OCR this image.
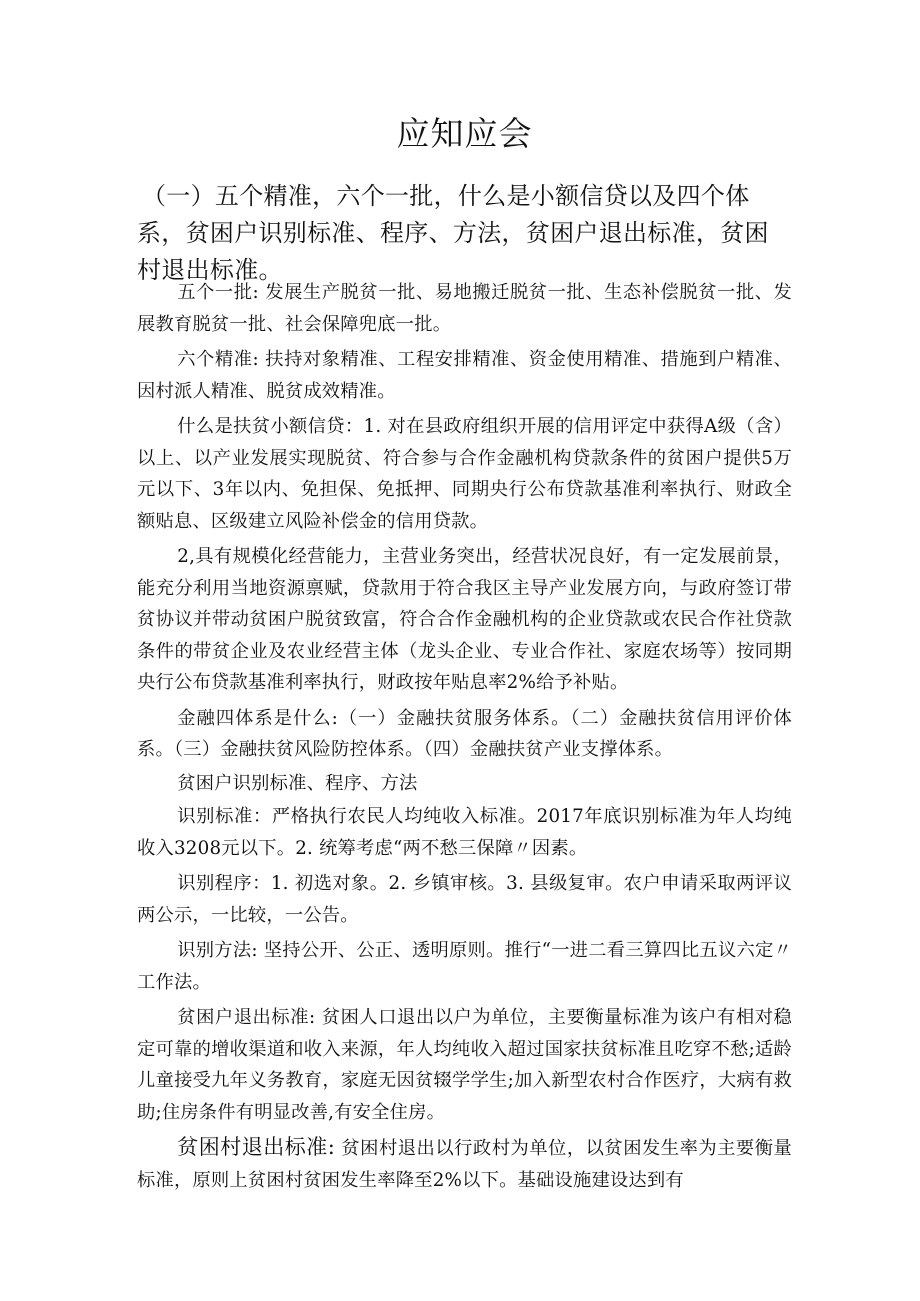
应知应会

（一）五个精准，六个一批，什么是小额信贷以及四个体系，贫困户识别标准、程序、方法，贫困户退出标准，贫困村退出标准。

五个一批: 发展生产脱贫一批、易地搬迁脱贫一批、生态补偿脱贫一批、发展教育脱贫一批、社会保障兜底一批。

六个精准: 扶持对象精准、工程安排精准、资金使用精准、措施到户精准、因村派人精准、脱贫成效精准。

什么是扶贫小额信贷：1. 对在县政府组织开展的信用评定中获得A级（含）以上、以产业发展实现脱贫、符合参与合作金融机构贷款条件的贫困户提供5万元以下、3年以内、免担保、免抵押、同期央行公布贷款基准利率执行、财政全额贴息、区级建立风险补偿金的信用贷款。

2,具有规模化经营能力，主营业务突出，经营状况良好，有一定发展前景，能充分利用当地资源禀赋，贷款用于符合我区主导产业发展方向，与政府签订带贫协议并带动贫困户脱贫致富，符合合作金融机构的企业贷款或农民合作社贷款条件的带贫企业及农业经营主体（龙头企业、专业合作社、家庭农场等）按同期央行公布贷款基准利率执行，财政按年贴息率2%给予补贴。

金融四体系是什么:（一）金融扶贫服务体系。（二）金融扶贫信用评价体系。（三）金融扶贫风险防控体系。（四）金融扶贫产业支撑体系。

贫困户识别标准、程序、方法

识别标准：严格执行农民人均纯收入标准。2017年底识别标准为年人均纯收入3208元以下。2. 统筹考虑“两不愁三保障〃因素。

识别程序：1. 初选对象。2. 乡镇审核。3. 县级复审。农户申请采取两评议两公示，一比较，一公告。

识别方法: 坚持公开、公正、透明原则。推行“一进二看三算四比五议六定〃工作法。

贫困户退出标准: 贫困人口退出以户为单位，主要衡量标准为该户有相对稳定可靠的增收渠道和收入来源，年人均纯收入超过国家扶贫标准且吃穿不愁;适龄儿童接受九年义务教育，家庭无因贫辍学学生;加入新型农村合作医疗，大病有救助;住房条件有明显改善,有安全住房。

贫困村退出标准: 贫困村退出以行政村为单位，以贫困发生率为主要衡量标准，原则上贫困村贫困发生率降至2%以下。基础设施建设达到有
